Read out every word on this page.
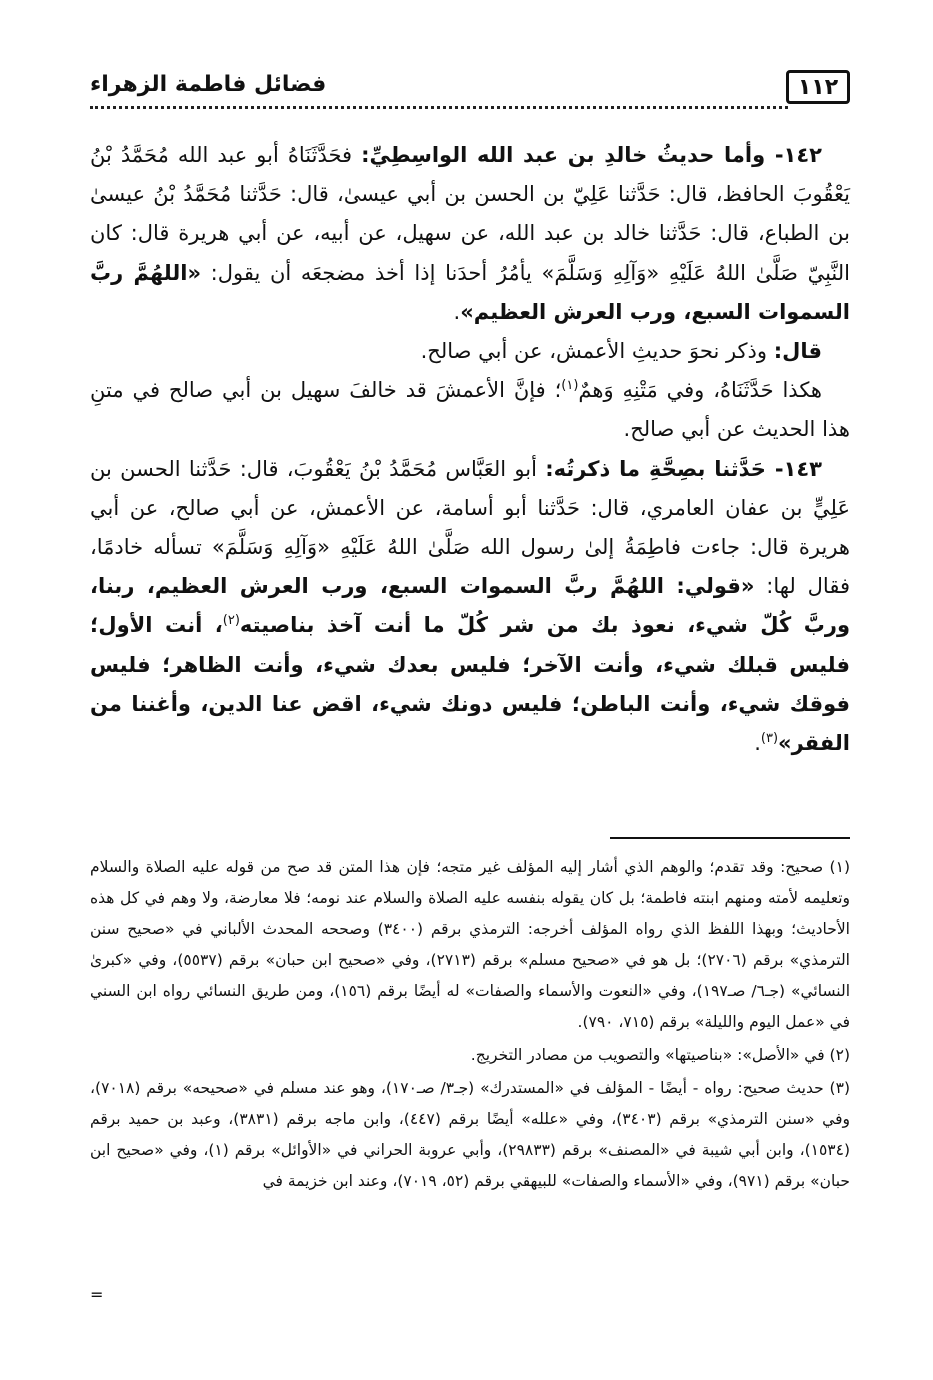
١١٢
فضائل فاطمة الزهراء

١٤٢- وأما حديثُ خالدِ بن عبد الله الواسِطِيِّ: فحَدَّثَنَاهُ أبو عبد الله مُحَمَّدُ بْنُ يَعْقُوبَ الحافظ، قال: حَدَّثنا عَلِيّ بن الحسن بن أبي عيسىٰ، قال: حَدَّثنا مُحَمَّدُ بْنُ عيسىٰ بن الطباع، قال: حَدَّثنا خالد بن عبد الله، عن سهيل، عن أبيه، عن أبي هريرة قال: كان النَّبِيّ صَلَّىٰ اللهُ عَلَيْهِ «وَآلِهِ وَسَلَّمَ» يأمُرُ أحدَنا إذا أخذ مضجعَه أن يقول: «اللهُمَّ ربَّ السموات السبع، ورب العرش العظيم».

قال: وذكر نحوَ حديثِ الأعمش، عن أبي صالح.

هكذا حَدَّثَنَاهُ، وفي مَتْنِهِ وَهمٌ$^{(١)}$؛ فإنَّ الأعمشَ قد خالفَ سهيل بن أبي صالح في متنِ هذا الحديث عن أبي صالح.

١٤٣- حَدَّثنا بصِحَّةِ ما ذكرتُه: أبو العَبَّاس مُحَمَّدُ بْنُ يَعْقُوبَ، قال: حَدَّثنا الحسن بن عَلِيٍّ بن عفان العامري، قال: حَدَّثنا أبو أسامة، عن الأعمش، عن أبي صالح، عن أبي هريرة قال: جاءت فاطِمَةُ إلىٰ رسول الله صَلَّىٰ اللهُ عَلَيْهِ «وَآلِهِ وَسَلَّمَ» تسأله خادمًا، فقال لها: «قولي: اللهُمَّ ربَّ السموات السبع، ورب العرش العظيم، ربنا، وربَّ كُلّ شيء، نعوذ بك من شر كُلّ ما أنت آخذ بناصيته$^{(٢)}$، أنت الأول؛ فليس قبلك شيء، وأنت الآخر؛ فليس بعدك شيء، وأنت الظاهر؛ فليس فوقك شيء، وأنت الباطن؛ فليس دونك شيء، اقض عنا الدين، وأغننا من الفقر»$^{(٣)}$.

(١) صحيح: وقد تقدم؛ والوهم الذي أشار إليه المؤلف غير متجه؛ فإن هذا المتن قد صح من قوله عليه الصلاة والسلام وتعليمه لأمته ومنهم ابنته فاطمة؛ بل كان يقوله بنفسه عليه الصلاة والسلام عند نومه؛ فلا معارضة، ولا وهم في كل هذه الأحاديث؛ وبهذا اللفظ الذي رواه المؤلف أخرجه: الترمذي برقم (٣٤٠٠) وصححه المحدث الألباني في «صحيح سنن الترمذي» برقم (٢٧٠٦)؛ بل هو في «صحيح مسلم» برقم (٢٧١٣)، وفي «صحيح ابن حبان» برقم (٥٥٣٧)، وفي «كبرىٰ النسائي» (جـ٦/ صـ١٩٧)، وفي «النعوت والأسماء والصفات» له أيضًا برقم (١٥٦)، ومن طريق النسائي رواه ابن السني في «عمل اليوم والليلة» برقم (٧١٥، ٧٩٠).

(٢) في «الأصل»: «بناصيتها» والتصويب من مصادر التخريج.

(٣) حديث صحيح: رواه - أيضًا - المؤلف في «المستدرك» (جـ٣/ صـ١٧٠)، وهو عند مسلم في «صحيحه» برقم (٧٠١٨)، وفي «سنن الترمذي» برقم (٣٤٠٣)، وفي «علله» أيضًا برقم (٤٤٧)، وابن ماجه برقم (٣٨٣١)، وعبد بن حميد برقم (١٥٣٤)، وابن أبي شيبة في «المصنف» برقم (٢٩٨٣٣)، وأبي عروبة الحراني في «الأوائل» برقم (١)، وفي «صحيح ابن حبان» برقم (٩٧١)، وفي «الأسماء والصفات» للبيهقي برقم (٥٢، ٧٠١٩)، وعند ابن خزيمة في

=
